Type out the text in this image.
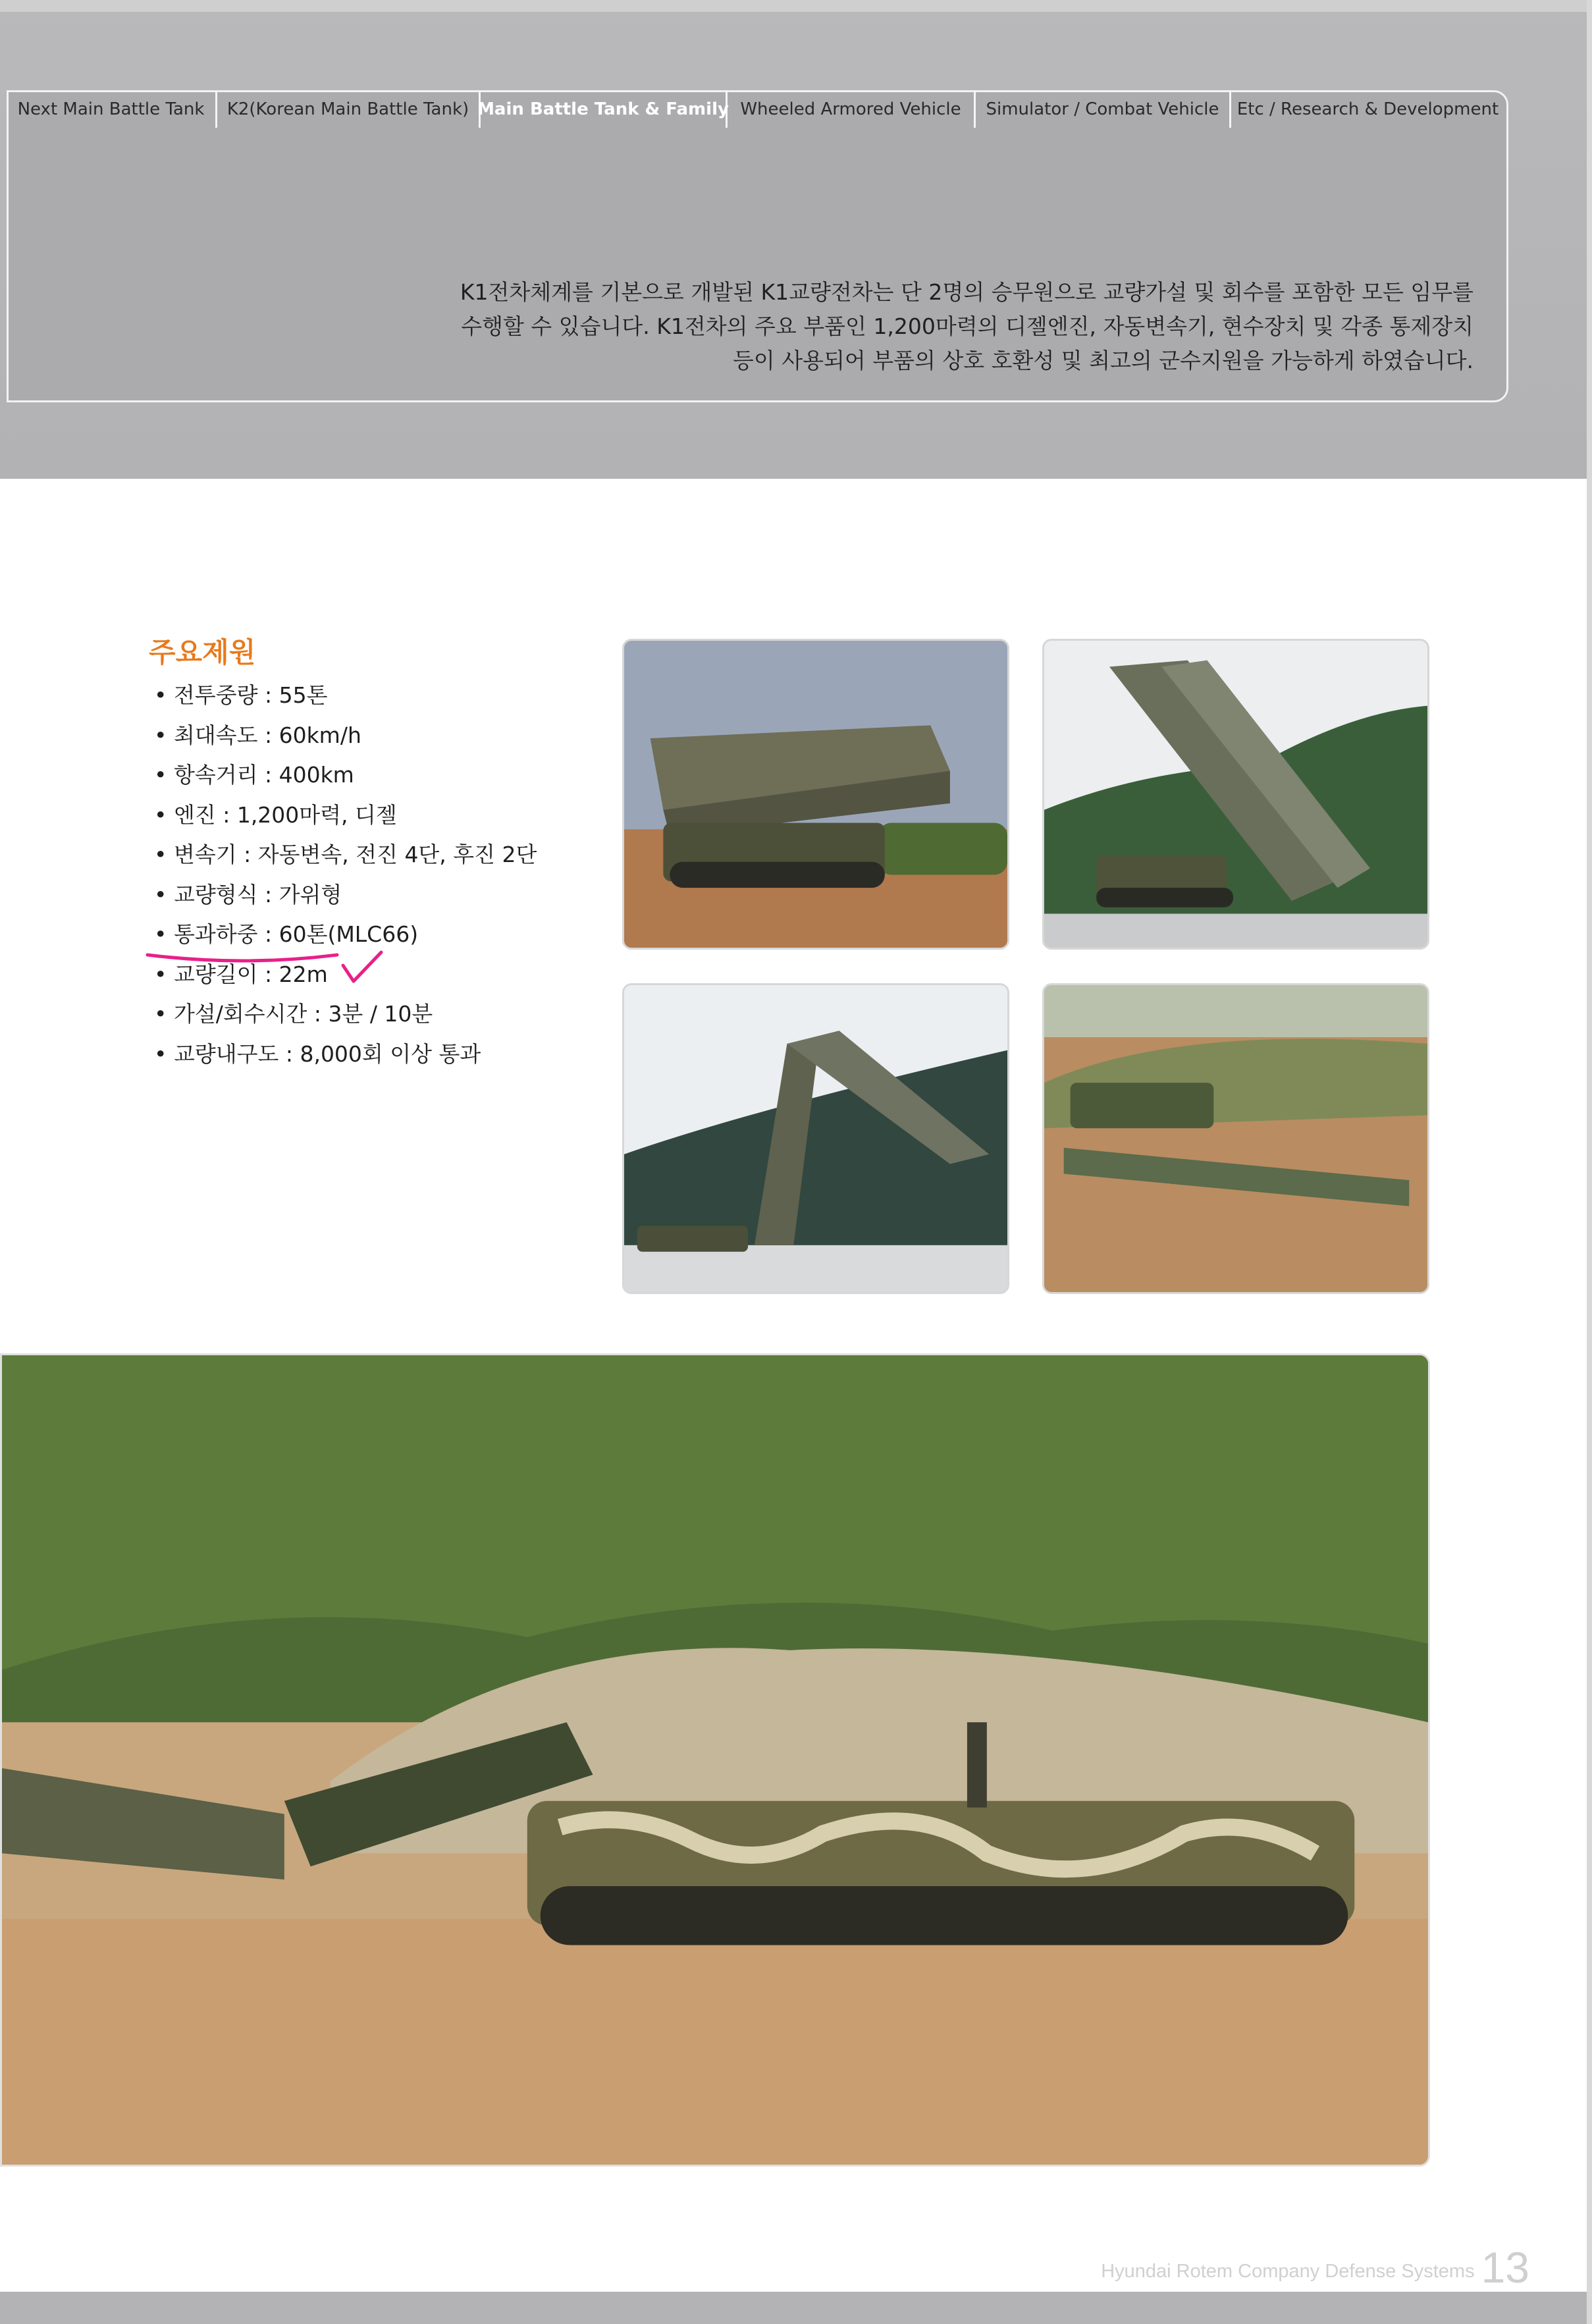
Next Main Battle Tank	K2(Korean Main Battle Tank) Main Battle Tank & Family Wheeled Armored Vehicle	Simulator / Combat Vehicle	Etc / Research & Development
K1전차체계를 기본으로 개발된 K1교량전차는 단 2명의 승무원으로 교량가설 및 회수를 포함한 모든 임무를
수행할 수 있습니다. K1전차의 주요 부품인 1,200마력의 디젤엔진, 자동변속기, 현수장치 및 각종 통제장치
등이 사용되어 부품의 상호 호환성 및 최고의 군수지원을 가능하게 하였습니다.
주요제원
• 전투중량 : 55톤
• 최대속도 : 60km/h
• 항속거리 : 400km
• 엔진 : 1,200마력, 디젤
• 변속기 : 자동변속, 전진 4단, 후진 2단
• 교량형식 : 가위형
• 통과하중 : 60톤(MLC66)
• 교량길이 : 22m
• 가설/회수시간 : 3분 / 10분
• 교량내구도 : 8,000회 이상 통과
Hyundai Rotem Company Defense Systems 13
